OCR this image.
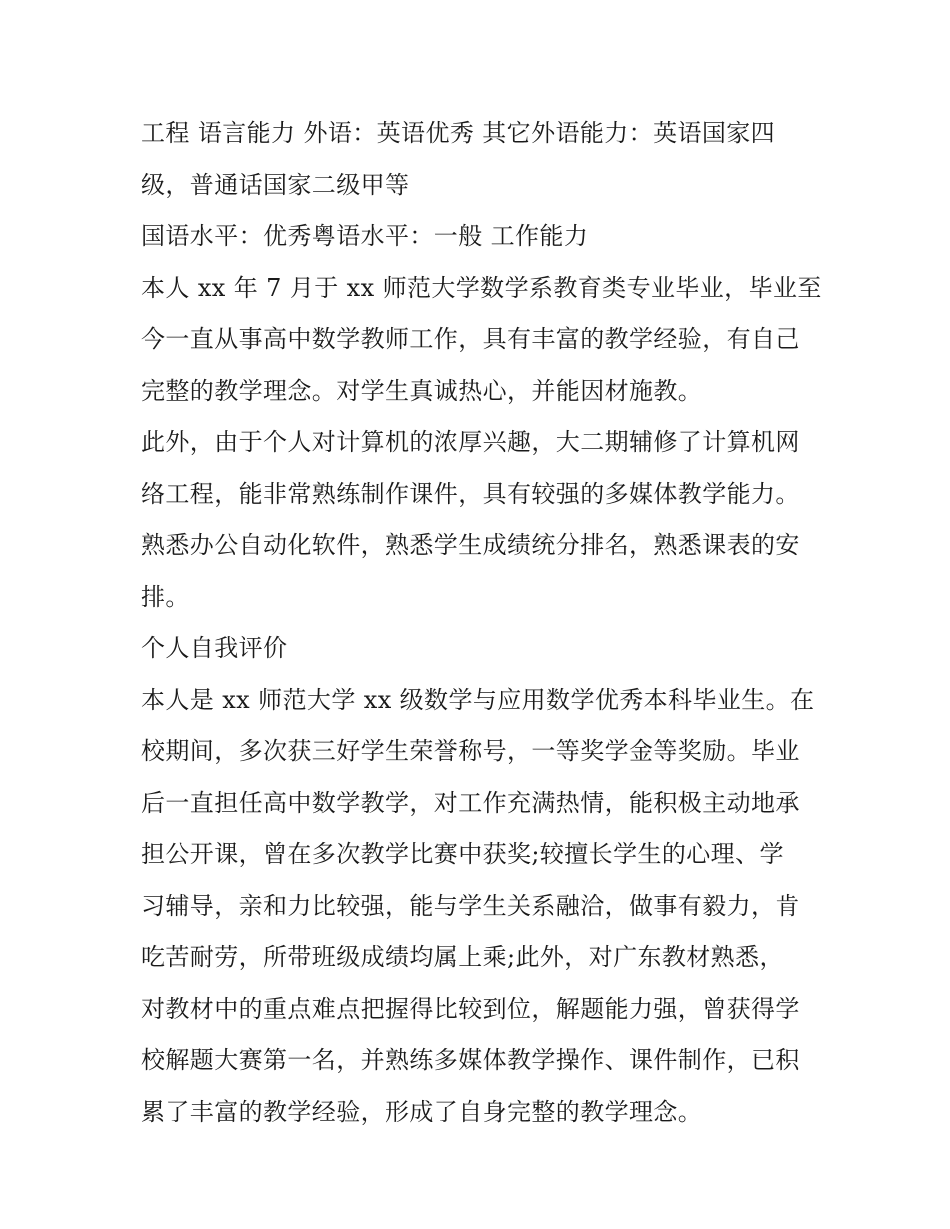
工程 语言能力 外语：英语优秀 其它外语能力：英语国家四
级，普通话国家二级甲等
国语水平：优秀粤语水平：一般 工作能力
本人 xx 年 7 月于 xx 师范大学数学系教育类专业毕业，毕业至
今一直从事高中数学教师工作，具有丰富的教学经验，有自己
完整的教学理念。对学生真诚热心，并能因材施教。
此外，由于个人对计算机的浓厚兴趣，大二期辅修了计算机网
络工程，能非常熟练制作课件，具有较强的多媒体教学能力。
熟悉办公自动化软件，熟悉学生成绩统分排名，熟悉课表的安
排。
个人自我评价
本人是 xx 师范大学 xx 级数学与应用数学优秀本科毕业生。在
校期间，多次获三好学生荣誉称号，一等奖学金等奖励。毕业
后一直担任高中数学教学，对工作充满热情，能积极主动地承
担公开课，曾在多次教学比赛中获奖;较擅长学生的心理、学
习辅导，亲和力比较强，能与学生关系融洽，做事有毅力，肯
吃苦耐劳，所带班级成绩均属上乘;此外，对广东教材熟悉，
对教材中的重点难点把握得比较到位，解题能力强，曾获得学
校解题大赛第一名，并熟练多媒体教学操作、课件制作，已积
累了丰富的教学经验，形成了自身完整的教学理念。
